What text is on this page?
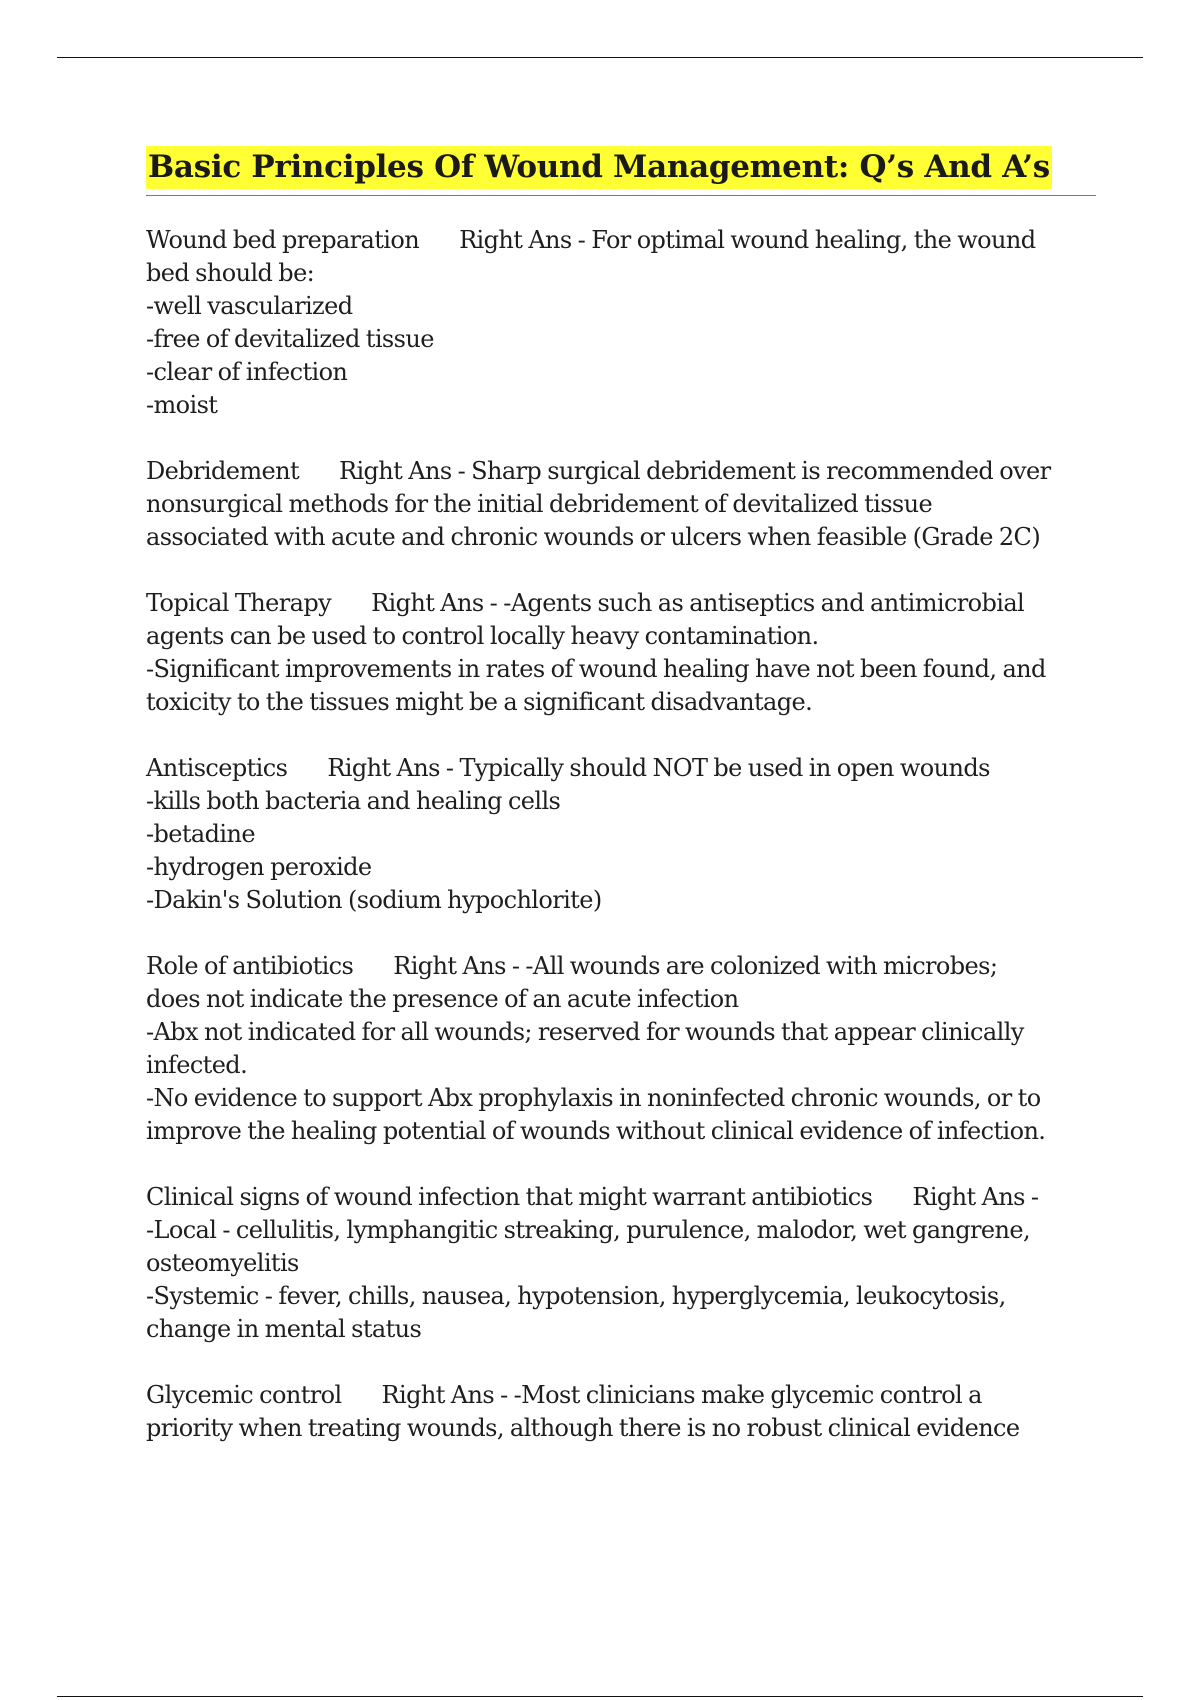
Basic Principles Of Wound Management: Q’s And A’s
Wound bed preparation Right Ans - For optimal wound healing, the wound
bed should be:
-well vascularized
-free of devitalized tissue
-clear of infection
-moist
Debridement Right Ans - Sharp surgical debridement is recommended over
nonsurgical methods for the initial debridement of devitalized tissue
associated with acute and chronic wounds or ulcers when feasible (Grade 2C)
Topical Therapy Right Ans - -Agents such as antiseptics and antimicrobial
agents can be used to control locally heavy contamination.
-Significant improvements in rates of wound healing have not been found, and
toxicity to the tissues might be a significant disadvantage.
Antisceptics Right Ans - Typically should NOT be used in open wounds
-kills both bacteria and healing cells
-betadine
-hydrogen peroxide
-Dakin's Solution (sodium hypochlorite)
Role of antibiotics Right Ans - -All wounds are colonized with microbes;
does not indicate the presence of an acute infection
-Abx not indicated for all wounds; reserved for wounds that appear clinically
infected.
-No evidence to support Abx prophylaxis in noninfected chronic wounds, or to
improve the healing potential of wounds without clinical evidence of infection.
Clinical signs of wound infection that might warrant antibiotics Right Ans -
-Local - cellulitis, lymphangitic streaking, purulence, malodor, wet gangrene,
osteomyelitis
-Systemic - fever, chills, nausea, hypotension, hyperglycemia, leukocytosis,
change in mental status
Glycemic control Right Ans - -Most clinicians make glycemic control a
priority when treating wounds, although there is no robust clinical evidence
